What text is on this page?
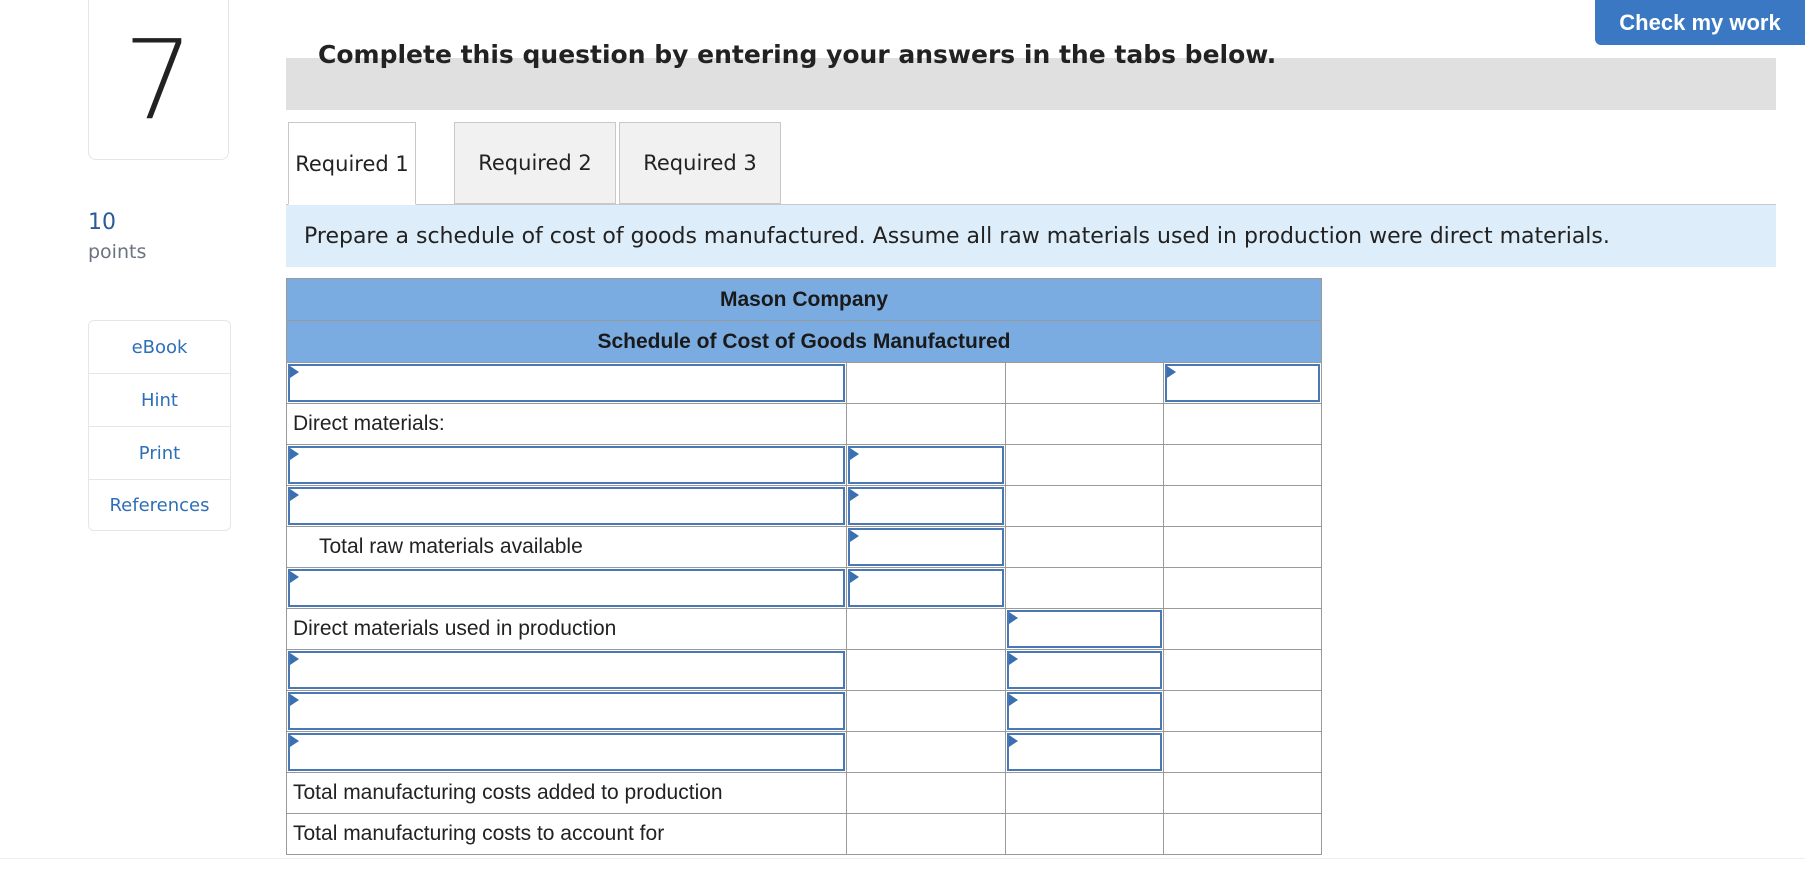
7
10
points
eBook
Hint
Print
References
Check my work
Complete this question by entering your answers in the tabs below.
Required 1	Required 2	Required 3
Prepare a schedule of cost of goods manufactured. Assume all raw materials used in production were direct materials.
Mason Company			
Schedule of Cost of Goods Manufactured			

Direct materials:			

Total raw materials available	

Direct materials used in production		

Total manufacturing costs added to production			
Total manufacturing costs to account for			
